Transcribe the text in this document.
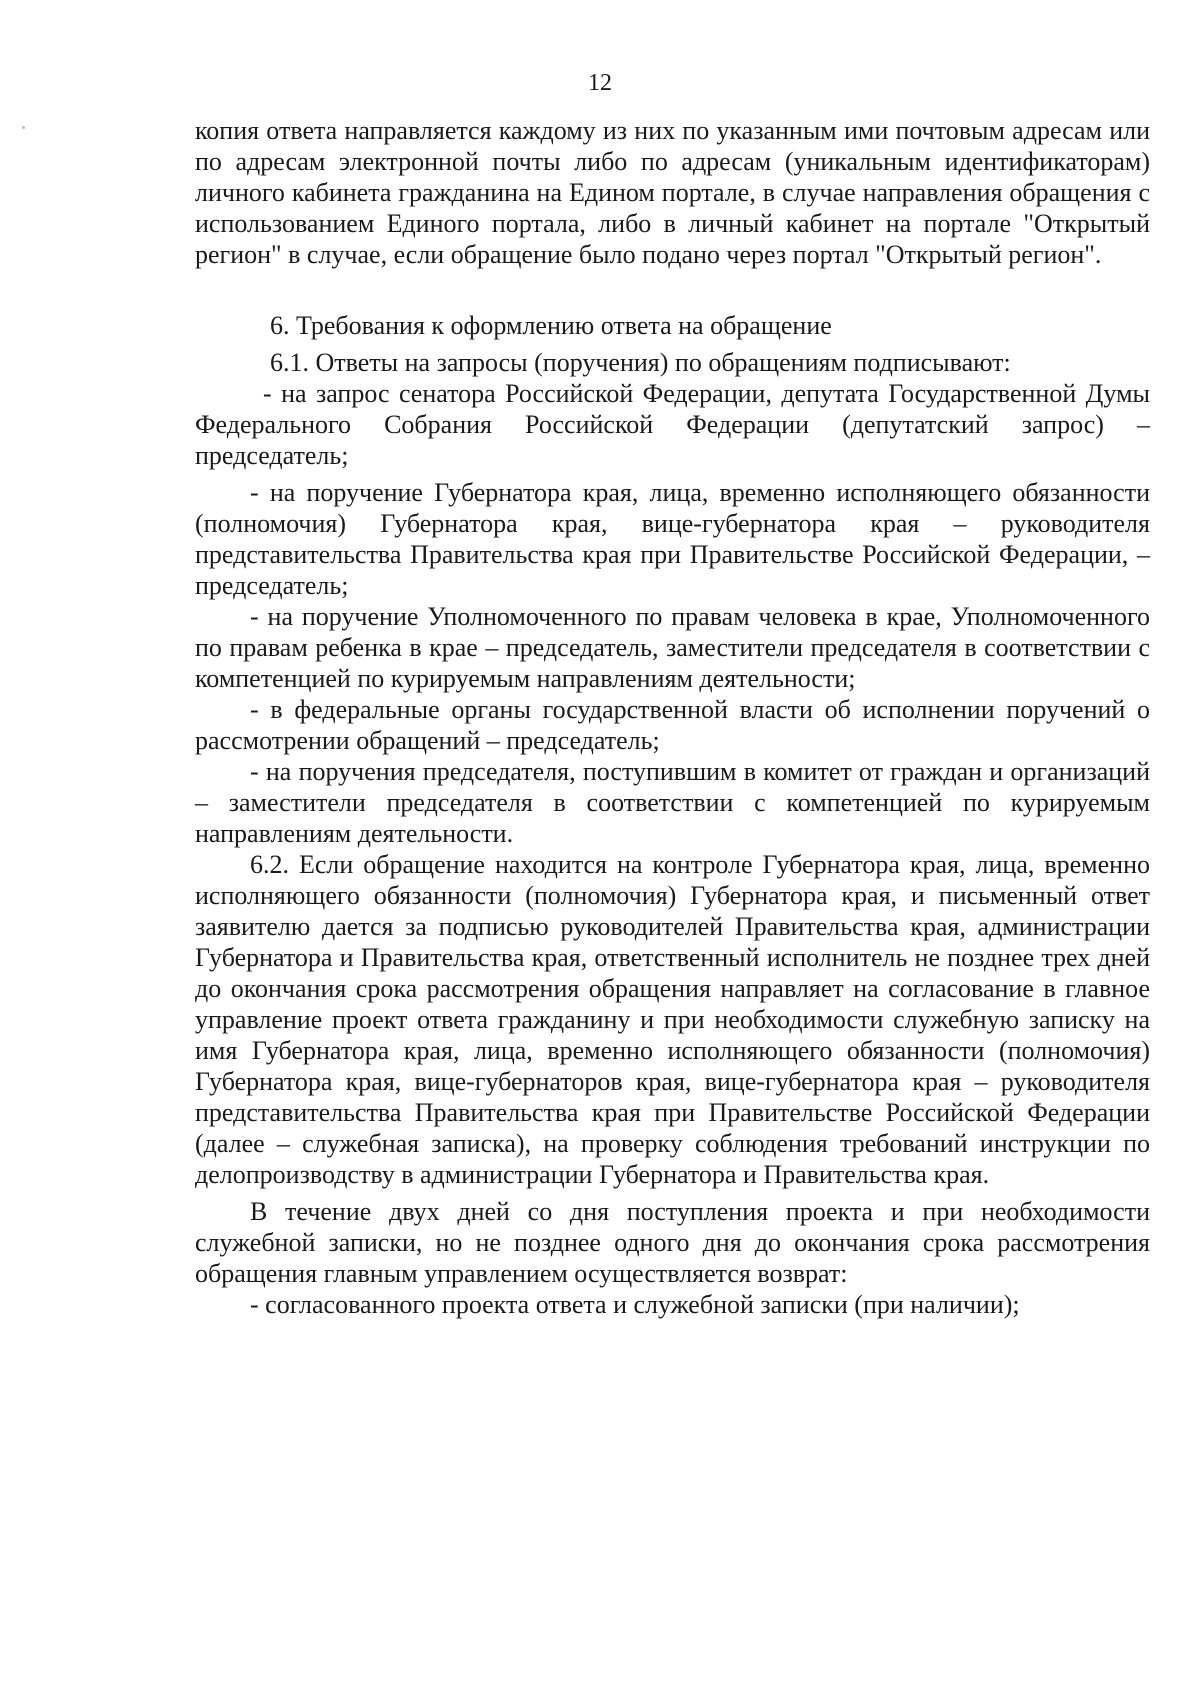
12

копия ответа направляется каждому из них по указанным ими почтовым адресам или по адресам электронной почты либо по адресам (уникальным идентификаторам) личного кабинета гражданина на Едином портале, в случае направления обращения с использованием Единого портала, либо в личный кабинет на портале "Открытый регион" в случае, если обращение было подано через портал "Открытый регион".

6. Требования к оформлению ответа на обращение

6.1. Ответы на запросы (поручения) по обращениям подписывают:

- на запрос сенатора Российской Федерации, депутата Государственной Думы Федерального Собрания Российской Федерации (депутатский запрос) – председатель;

- на поручение Губернатора края, лица, временно исполняющего обязанности (полномочия) Губернатора края, вице-губернатора края – руководителя представительства Правительства края при Правительстве Российской Федерации, – председатель;

- на поручение Уполномоченного по правам человека в крае, Уполномоченного по правам ребенка в крае – председатель, заместители председателя в соответствии с компетенцией по курируемым направлениям деятельности;

- в федеральные органы государственной власти об исполнении поручений о рассмотрении обращений – председатель;

- на поручения председателя, поступившим в комитет от граждан и организаций – заместители председателя в соответствии с компетенцией по курируемым направлениям деятельности.

6.2. Если обращение находится на контроле Губернатора края, лица, временно исполняющего обязанности (полномочия) Губернатора края, и письменный ответ заявителю дается за подписью руководителей Правительства края, администрации Губернатора и Правительства края, ответственный исполнитель не позднее трех дней до окончания срока рассмотрения обращения направляет на согласование в главное управление проект ответа гражданину и при необходимости служебную записку на имя Губернатора края, лица, временно исполняющего обязанности (полномочия) Губернатора края, вице-губернаторов края, вице-губернатора края – руководителя представительства Правительства края при Правительстве Российской Федерации (далее – служебная записка), на проверку соблюдения требований инструкции по делопроизводству в администрации Губернатора и Правительства края.

В течение двух дней со дня поступления проекта и при необходимости служебной записки, но не позднее одного дня до окончания срока рассмотрения обращения главным управлением осуществляется возврат:

- согласованного проекта ответа и служебной записки (при наличии);
